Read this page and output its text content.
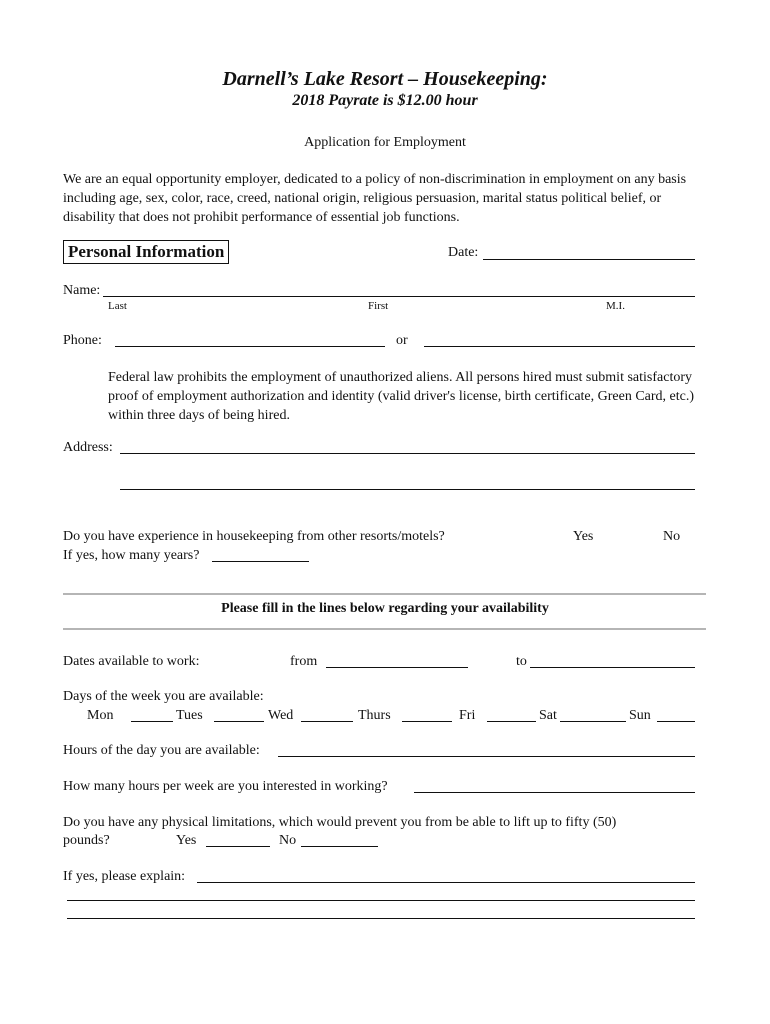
Darnell’s Lake Resort – Housekeeping:
2018 Payrate is $12.00 hour
Application for Employment
We are an equal opportunity employer, dedicated to a policy of non-discrimination in employment on any basis including age, sex, color, race, creed, national origin, religious persuasion, marital status political belief, or disability that does not prohibit performance of essential job functions.
Personal Information	Date:
Name:
Last	First	M.I.
Phone:	or
Federal law prohibits the employment of unauthorized aliens. All persons hired must submit satisfactory proof of employment authorization and identity (valid driver's license, birth certificate, Green Card, etc.) within three days of being hired.
Address:
Do you have experience in housekeeping from other resorts/motels?	Yes	No
If yes, how many years?
Please fill in the lines below regarding your availability
Dates available to work:	from	to
Days of the week you are available:
Mon	Tues	Wed	Thurs	Fri	Sat	Sun
Hours of the day you are available:
How many hours per week are you interested in working?
Do you have any physical limitations, which would prevent you from be able to lift up to fifty (50)
pounds?	Yes	No
If yes, please explain:
